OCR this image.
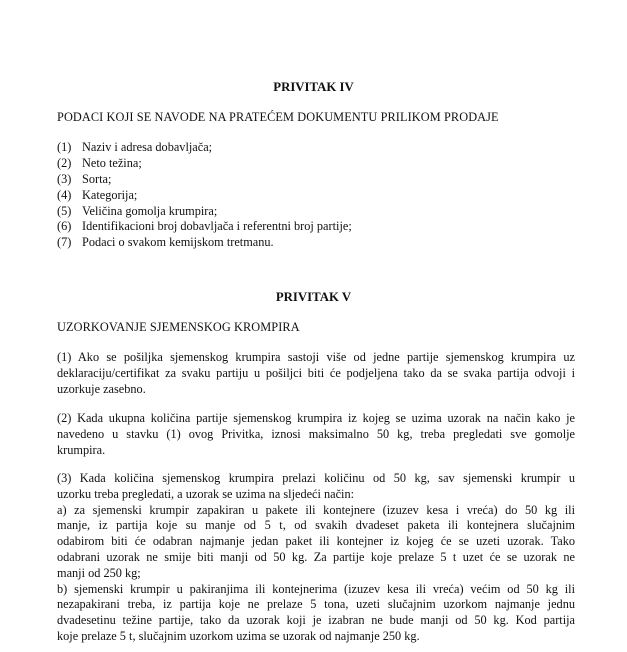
PRIVITAK IV
PODACI KOJI SE NAVODE NA PRATEĆEM DOKUMENTU PRILIKOM PRODAJE
(1) Naziv i adresa dobavljača;
(2) Neto težina;
(3) Sorta;
(4) Kategorija;
(5) Veličina gomolja krumpira;
(6) Identifikacioni broj dobavljača i referentni broj partije;
(7) Podaci o svakom kemijskom tretmanu.
PRIVITAK V
UZORKOVANJE SJEMENSKOG KROMPIRA
(1) Ako se pošiljka sjemenskog krumpira sastoji više od jedne partije sjemenskog krumpira uz
deklaraciju/certifikat za svaku partiju u pošiljci biti će podjeljena tako da se svaka partija odvoji i
uzorkuje zasebno.
(2) Kada ukupna količina partije sjemenskog krumpira iz kojeg se uzima uzorak na način kako je
navedeno u stavku (1) ovog Privitka, iznosi maksimalno 50 kg, treba pregledati sve gomolje
krumpira.
(3) Kada količina sjemenskog krumpira prelazi količinu od 50 kg, sav sjemenski krumpir u
uzorku treba pregledati, a uzorak se uzima na sljedeći način:
a) za sjemenski krumpir zapakiran u pakete ili kontejnere (izuzev kesa i vreća) do 50 kg ili
manje, iz partija koje su manje od 5 t, od svakih dvadeset paketa ili kontejnera slučajnim
odabirom biti će odabran najmanje jedan paket ili kontejner iz kojeg će se uzeti uzorak. Tako
odabrani uzorak ne smije biti manji od 50 kg. Za partije koje prelaze 5 t uzet će se uzorak ne
manji od 250 kg;
b) sjemenski krumpir u pakiranjima ili kontejnerima (izuzev kesa ili vreća) većim od 50 kg ili
nezapakirani treba, iz partija koje ne prelaze 5 tona, uzeti slučajnim uzorkom najmanje jednu
dvadesetinu težine partije, tako da uzorak koji je izabran ne bude manji od 50 kg. Kod partija
koje prelaze 5 t, slučajnim uzorkom uzima se uzorak od najmanje 250 kg.
